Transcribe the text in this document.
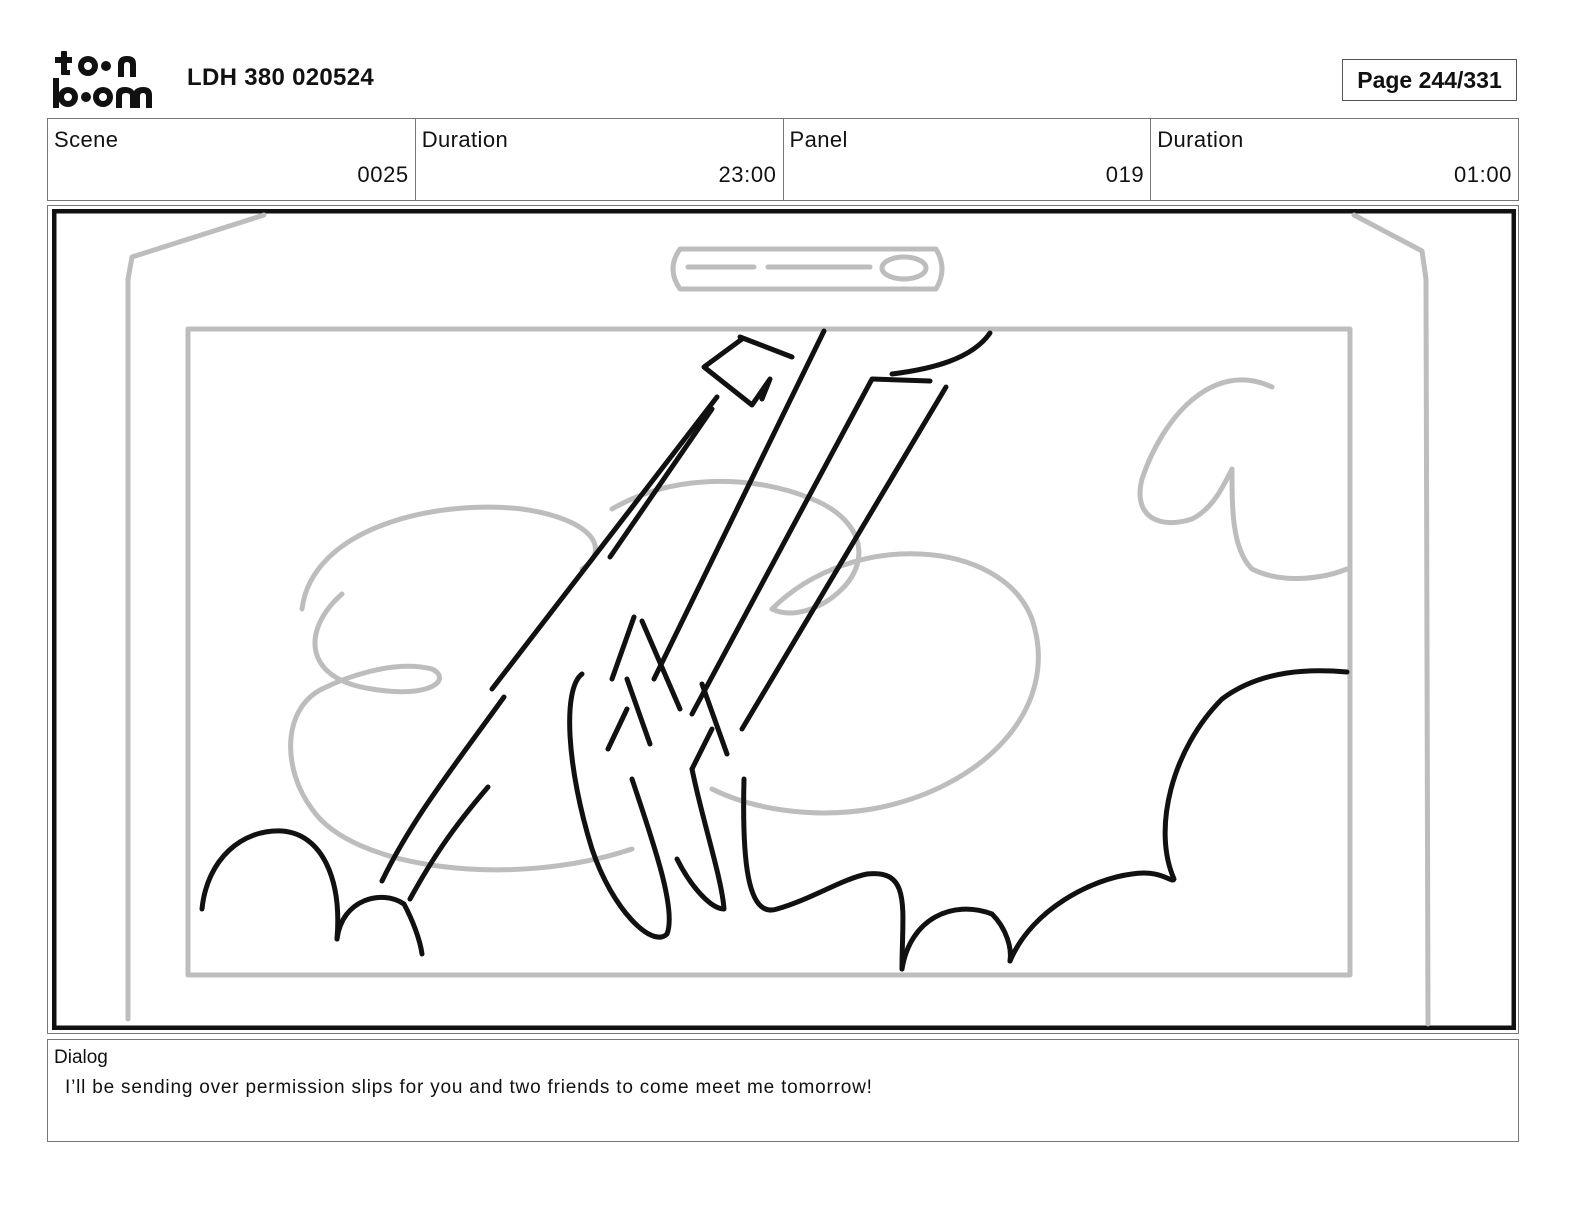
LDH 380 020524	Page 244/331
Scene
0025
Duration
23:00
Panel
019
Duration
01:00
Dialog
I’ll be sending over permission slips for you and two friends to come meet me tomorrow!
